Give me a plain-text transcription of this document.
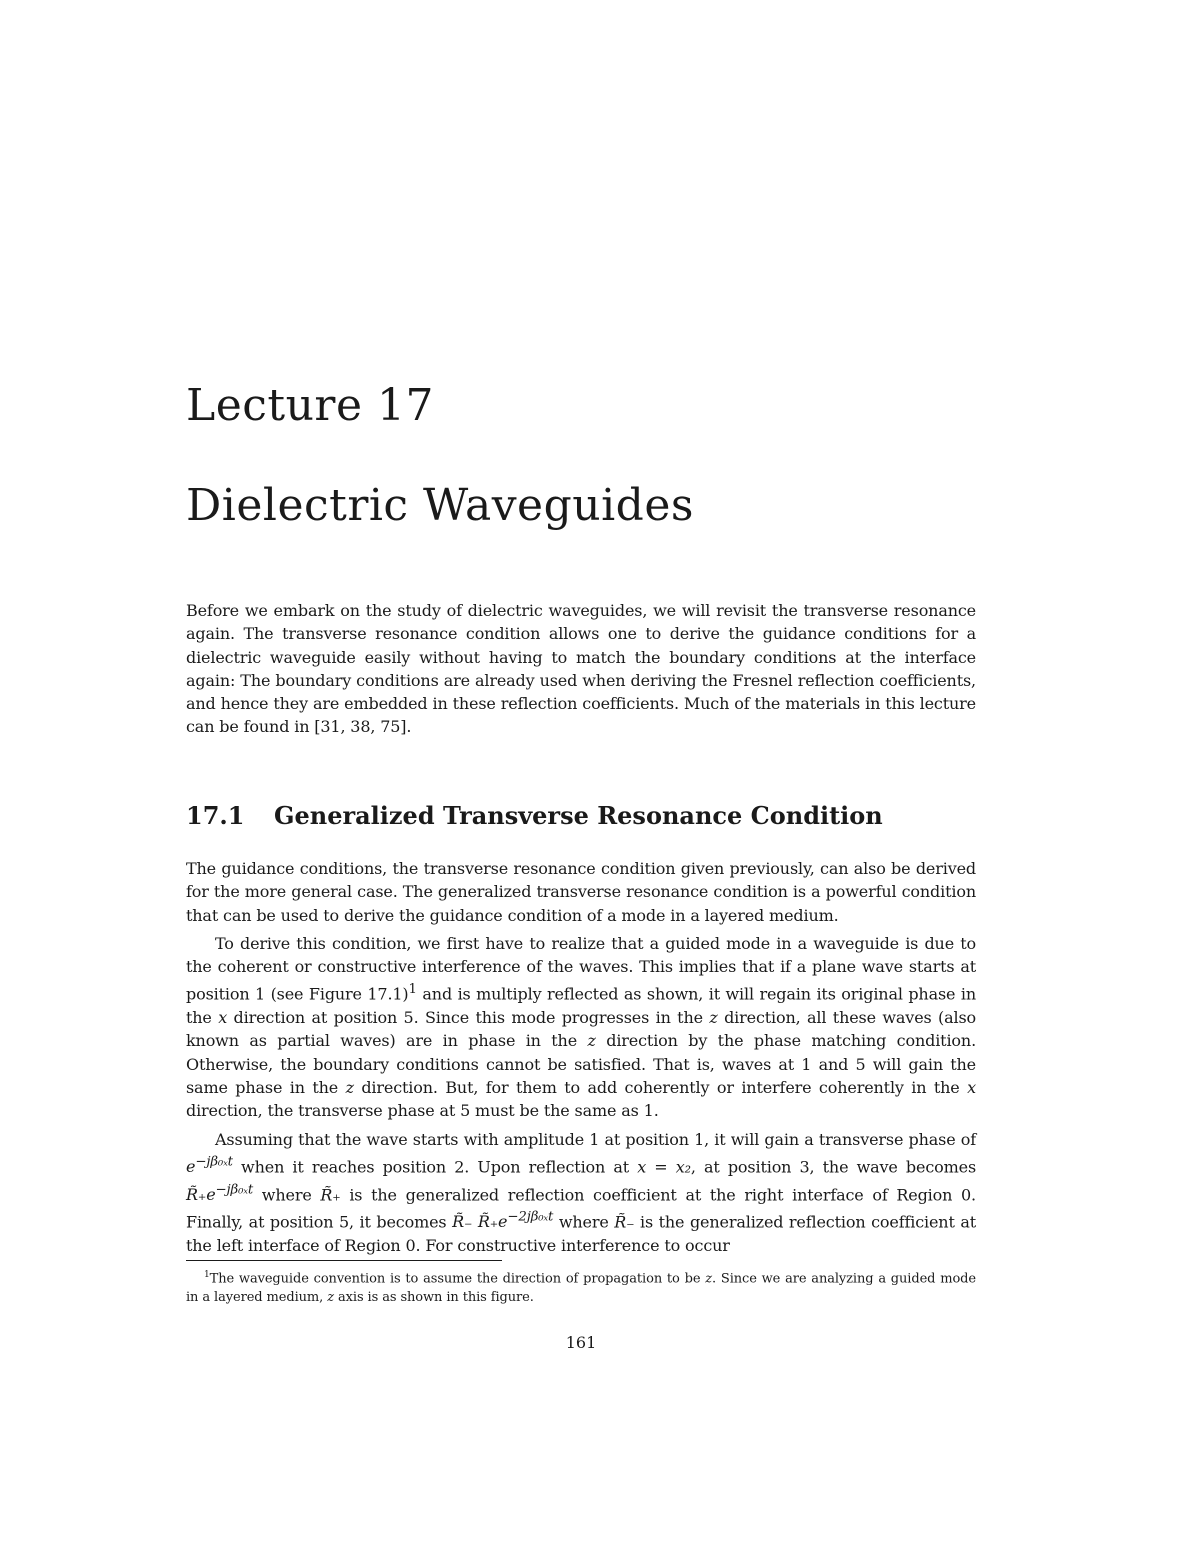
Lecture 17
Dielectric Waveguides

Before we embark on the study of dielectric waveguides, we will revisit the transverse resonance again. The transverse resonance condition allows one to derive the guidance conditions for a dielectric waveguide easily without having to match the boundary conditions at the interface again: The boundary conditions are already used when deriving the Fresnel reflection coefficients, and hence they are embedded in these reflection coefficients. Much of the materials in this lecture can be found in [31, 38, 75].

17.1 Generalized Transverse Resonance Condition

The guidance conditions, the transverse resonance condition given previously, can also be derived for the more general case. The generalized transverse resonance condition is a powerful condition that can be used to derive the guidance condition of a mode in a layered medium.

To derive this condition, we first have to realize that a guided mode in a waveguide is due to the coherent or constructive interference of the waves. This implies that if a plane wave starts at position 1 (see Figure 17.1)$^1$ and is multiply reflected as shown, it will regain its original phase in the x direction at position 5. Since this mode progresses in the z direction, all these waves (also known as partial waves) are in phase in the z direction by the phase matching condition. Otherwise, the boundary conditions cannot be satisfied. That is, waves at 1 and 5 will gain the same phase in the z direction. But, for them to add coherently or interfere coherently in the x direction, the transverse phase at 5 must be the same as 1.

Assuming that the wave starts with amplitude 1 at position 1, it will gain a transverse phase of $e^{-j\beta_{0x}t}$ when it reaches position 2. Upon reflection at x = x₂, at position 3, the wave becomes $R̃_+e^{-j\beta_{0x}t}$ where R̃₊ is the generalized reflection coefficient at the right interface of Region 0. Finally, at position 5, it becomes R̃₋ $R̃_+e^{-2j\beta_{0x}t}$ where R̃₋ is the generalized reflection coefficient at the left interface of Region 0. For constructive interference to occur

$^1$The waveguide convention is to assume the direction of propagation to be z. Since we are analyzing a guided mode in a layered medium, z axis is as shown in this figure.

161
